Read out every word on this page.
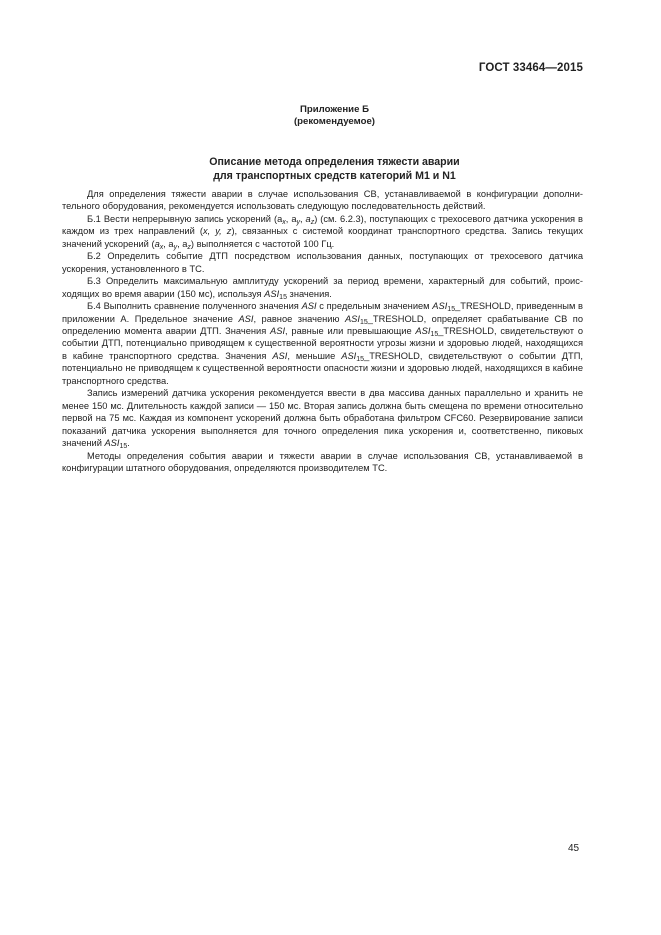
ГОСТ 33464—2015
Приложение Б
(рекомендуемое)
Описание метода определения тяжести аварии
для транспортных средств категорий М1 и N1

Для определения тяжести аварии в случае использования СВ, устанавливаемой в конфигурации дополнительного оборудования, рекомендуется использовать следующую последовательность действий.

Б.1 Вести непрерывную запись ускорений ($a_x$, $a_y$, $a_z$) (см. 6.2.3), поступающих с трехосевого датчика ускорения в каждом из трех направлений (x, y, z), связанных с системой координат транспортного средства. Запись текущих значений ускорений ($a_x$, $a_y$, $a_z$) выполняется с частотой 100 Гц.

Б.2 Определить событие ДТП посредством использования данных, поступающих от трехосевого датчика ускорения, установленного в ТС.

Б.3 Определить максимальную амплитуду ускорений за период времени, характерный для событий, происходящих во время аварии (150 мс), используя $ASI_{15}$ значения.

Б.4 Выполнить сравнение полученного значения ASI с предельным значением $ASI_{15}\_TRESHOLD$, приведенным в приложении А. Предельное значение ASI, равное значению $ASI_{15}\_TRESHOLD$, определяет срабатывание СВ по определению момента аварии ДТП. Значения ASI, равные или превышающие $ASI_{15}\_TRESHOLD$, свидетельствуют о событии ДТП, потенциально приводящем к существенной вероятности угрозы жизни и здоровью людей, находящихся в кабине транспортного средства. Значения ASI, меньшие $ASI_{15}\_TRESHOLD$, свидетельствуют о событии ДТП, потенциально не приводящем к существенной вероятности опасности жизни и здоровью людей, находящихся в кабине транспортного средства.

Запись измерений датчика ускорения рекомендуется ввести в два массива данных параллельно и хранить не менее 150 мс. Длительность каждой записи — 150 мс. Вторая запись должна быть смещена по времени относительно первой на 75 мс. Каждая из компонент ускорений должна быть обработана фильтром CFC60. Резервирование записи показаний датчика ускорения выполняется для точного определения пика ускорения и, соответственно, пиковых значений $ASI_{15}$.

Методы определения события аварии и тяжести аварии в случае использования СВ, устанавливаемой в конфигурации штатного оборудования, определяются производителем ТС.

45
